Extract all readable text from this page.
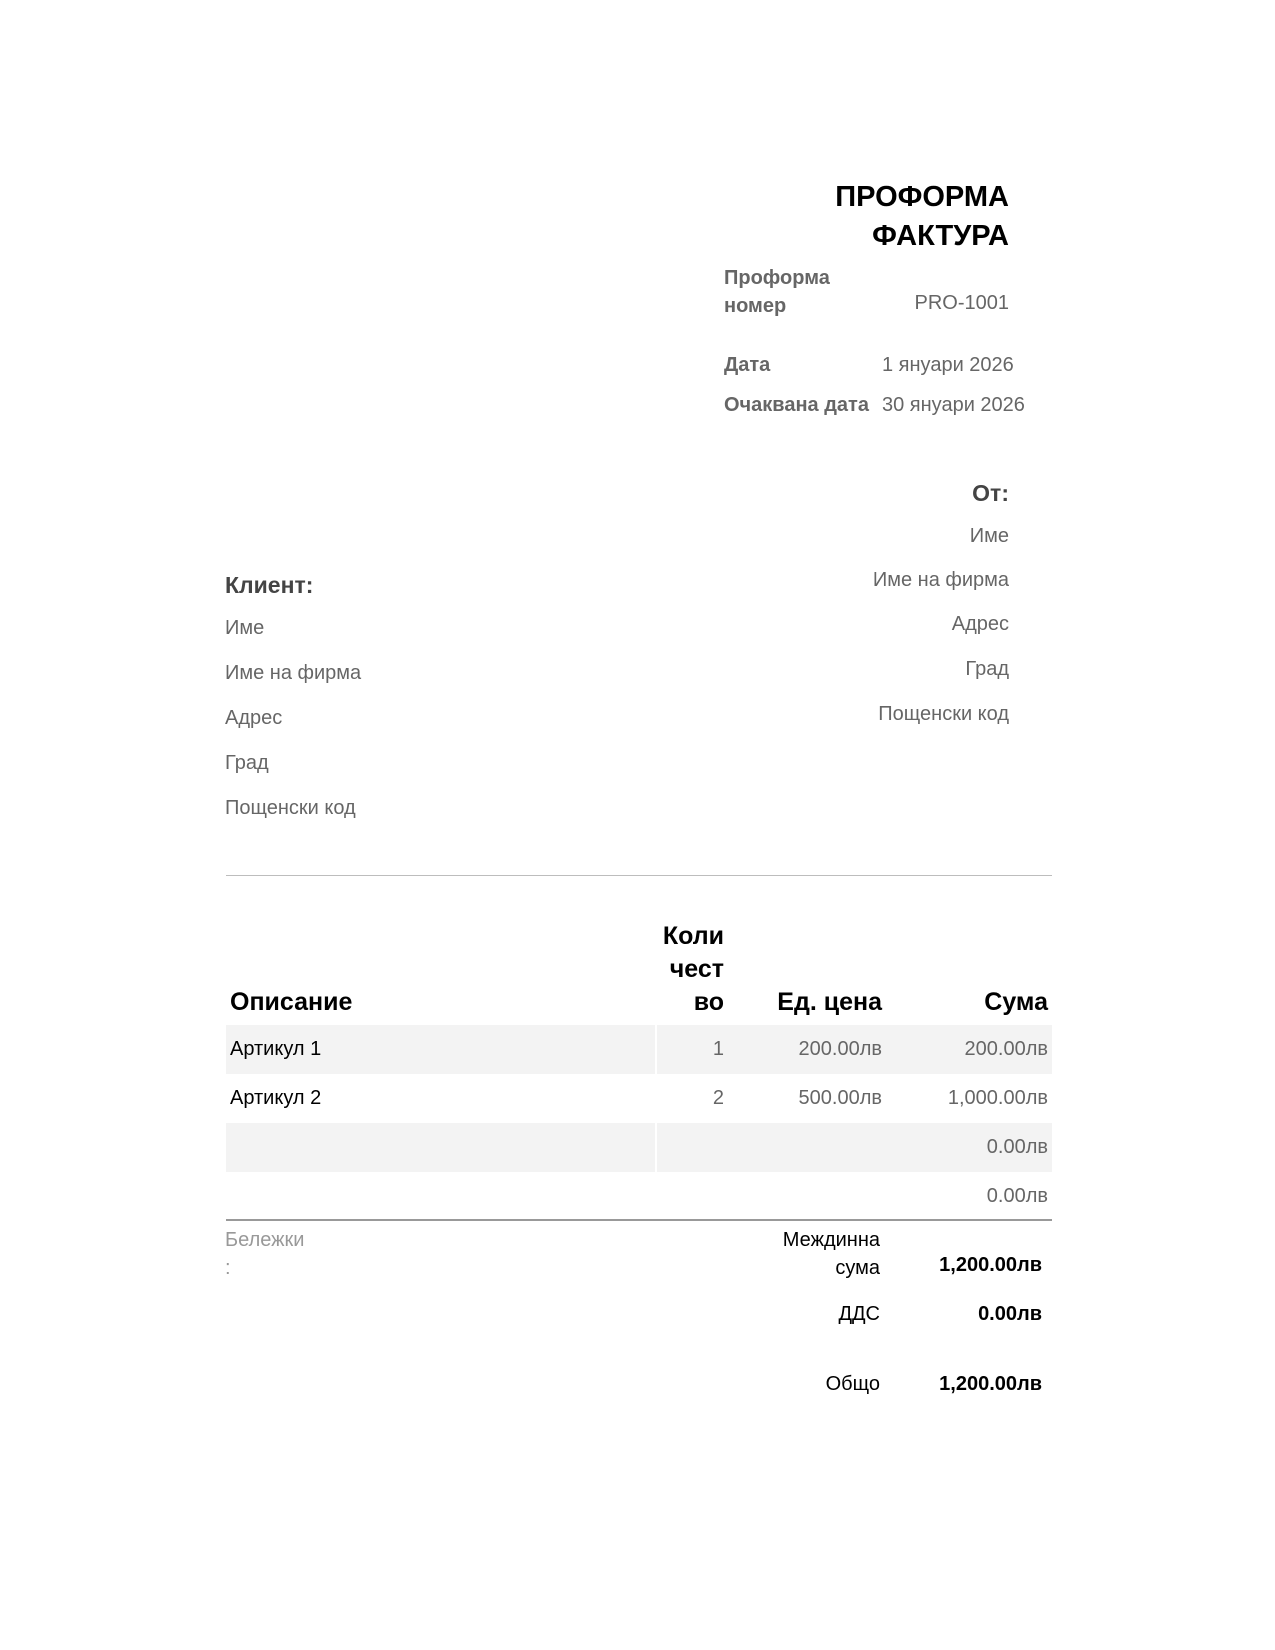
ПРОФОРМА
ФАКТУРА
Проформа
номер	PRO-1001
Дата	1 януари 2026
Очаквана дата 30 януари 2026
От:
Име
Име на фирма
Адрес
Град
Пощенски код
Клиент:
Име
Име на фирма
Адрес
Град
Пощенски код
Описание	Коли
чест
во	Ед. цена	Сума
Артикул 1	1	200.00лв	200.00лв
Артикул 2	2	500.00лв	1,000.00лв
			0.00лв
			0.00лв
Бележки
:
Междинна
сума	1,200.00лв
ДДС	0.00лв
Общо	1,200.00лв
